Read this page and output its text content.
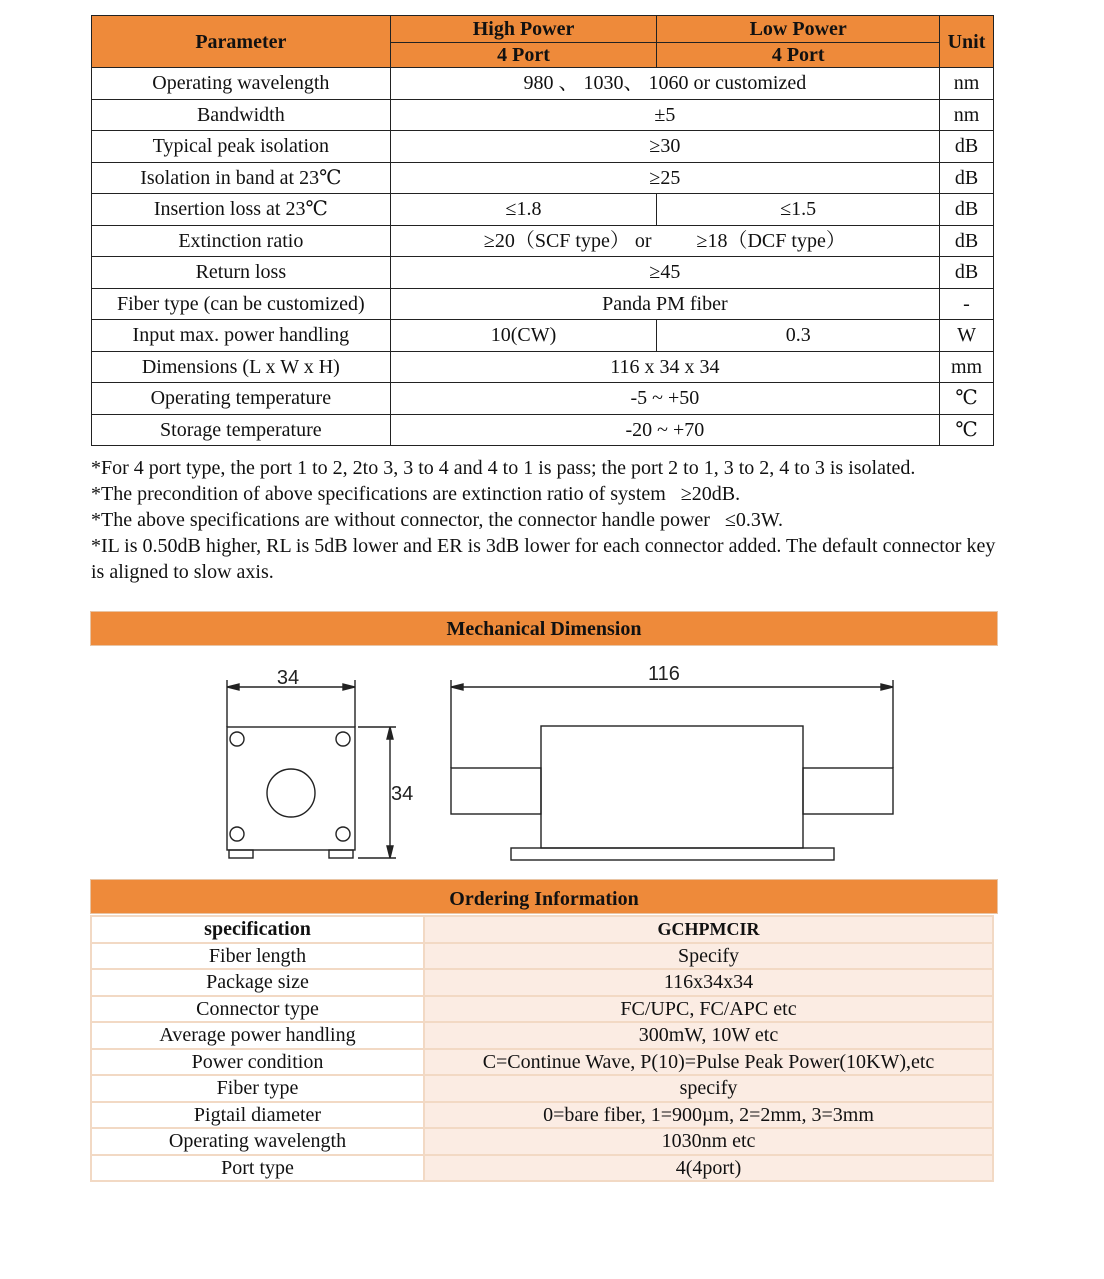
Parameter	High Power	Low Power	Unit
	4 Port	4 Port	
Operating wavelength	980 、 1030、 1060 or customized		nm
Bandwidth	±5		nm
Typical peak isolation	≥30		dB
Isolation in band at 23℃	≥25		dB
Insertion loss at 23℃	≤1.8	≤1.5	dB
Extinction ratio	≥20（SCF type） or   ≥18（DCF type）		dB
Return loss	≥45		dB
Fiber type (can be customized)	Panda PM fiber		-
Input max. power handling	10(CW)	0.3	W
Dimensions (L x W x H)	116 x 34 x 34		mm
Operating temperature	-5 ~ +50		℃
Storage temperature	-20 ~ +70		℃

*For 4 port type, the port 1 to 2, 2to 3, 3 to 4 and 4 to 1 is pass; the port 2 to 1, 3 to 2, 4 to 3 is isolated.

*The precondition of above specifications are extinction ratio of system  ≥20dB.

*The above specifications are without connector, the connector handle power  ≤0.3W.

*IL is 0.50dB higher, RL is 5dB lower and ER is 3dB lower for each connector added. The default connector key is aligned to slow axis.

Mechanical Dimension
34
34
116
Ordering Information
specification	GCHPMCIR
Fiber length	Specify
Package size	116x34x34
Connector type	FC/UPC, FC/APC etc
Average power handling	300mW, 10W etc
Power condition	C=Continue Wave, P(10)=Pulse Peak Power(10KW),etc
Fiber type	specify
Pigtail diameter	0=bare fiber, 1=900µm, 2=2mm, 3=3mm
Operating wavelength	1030nm etc
Port type	4(4port)
